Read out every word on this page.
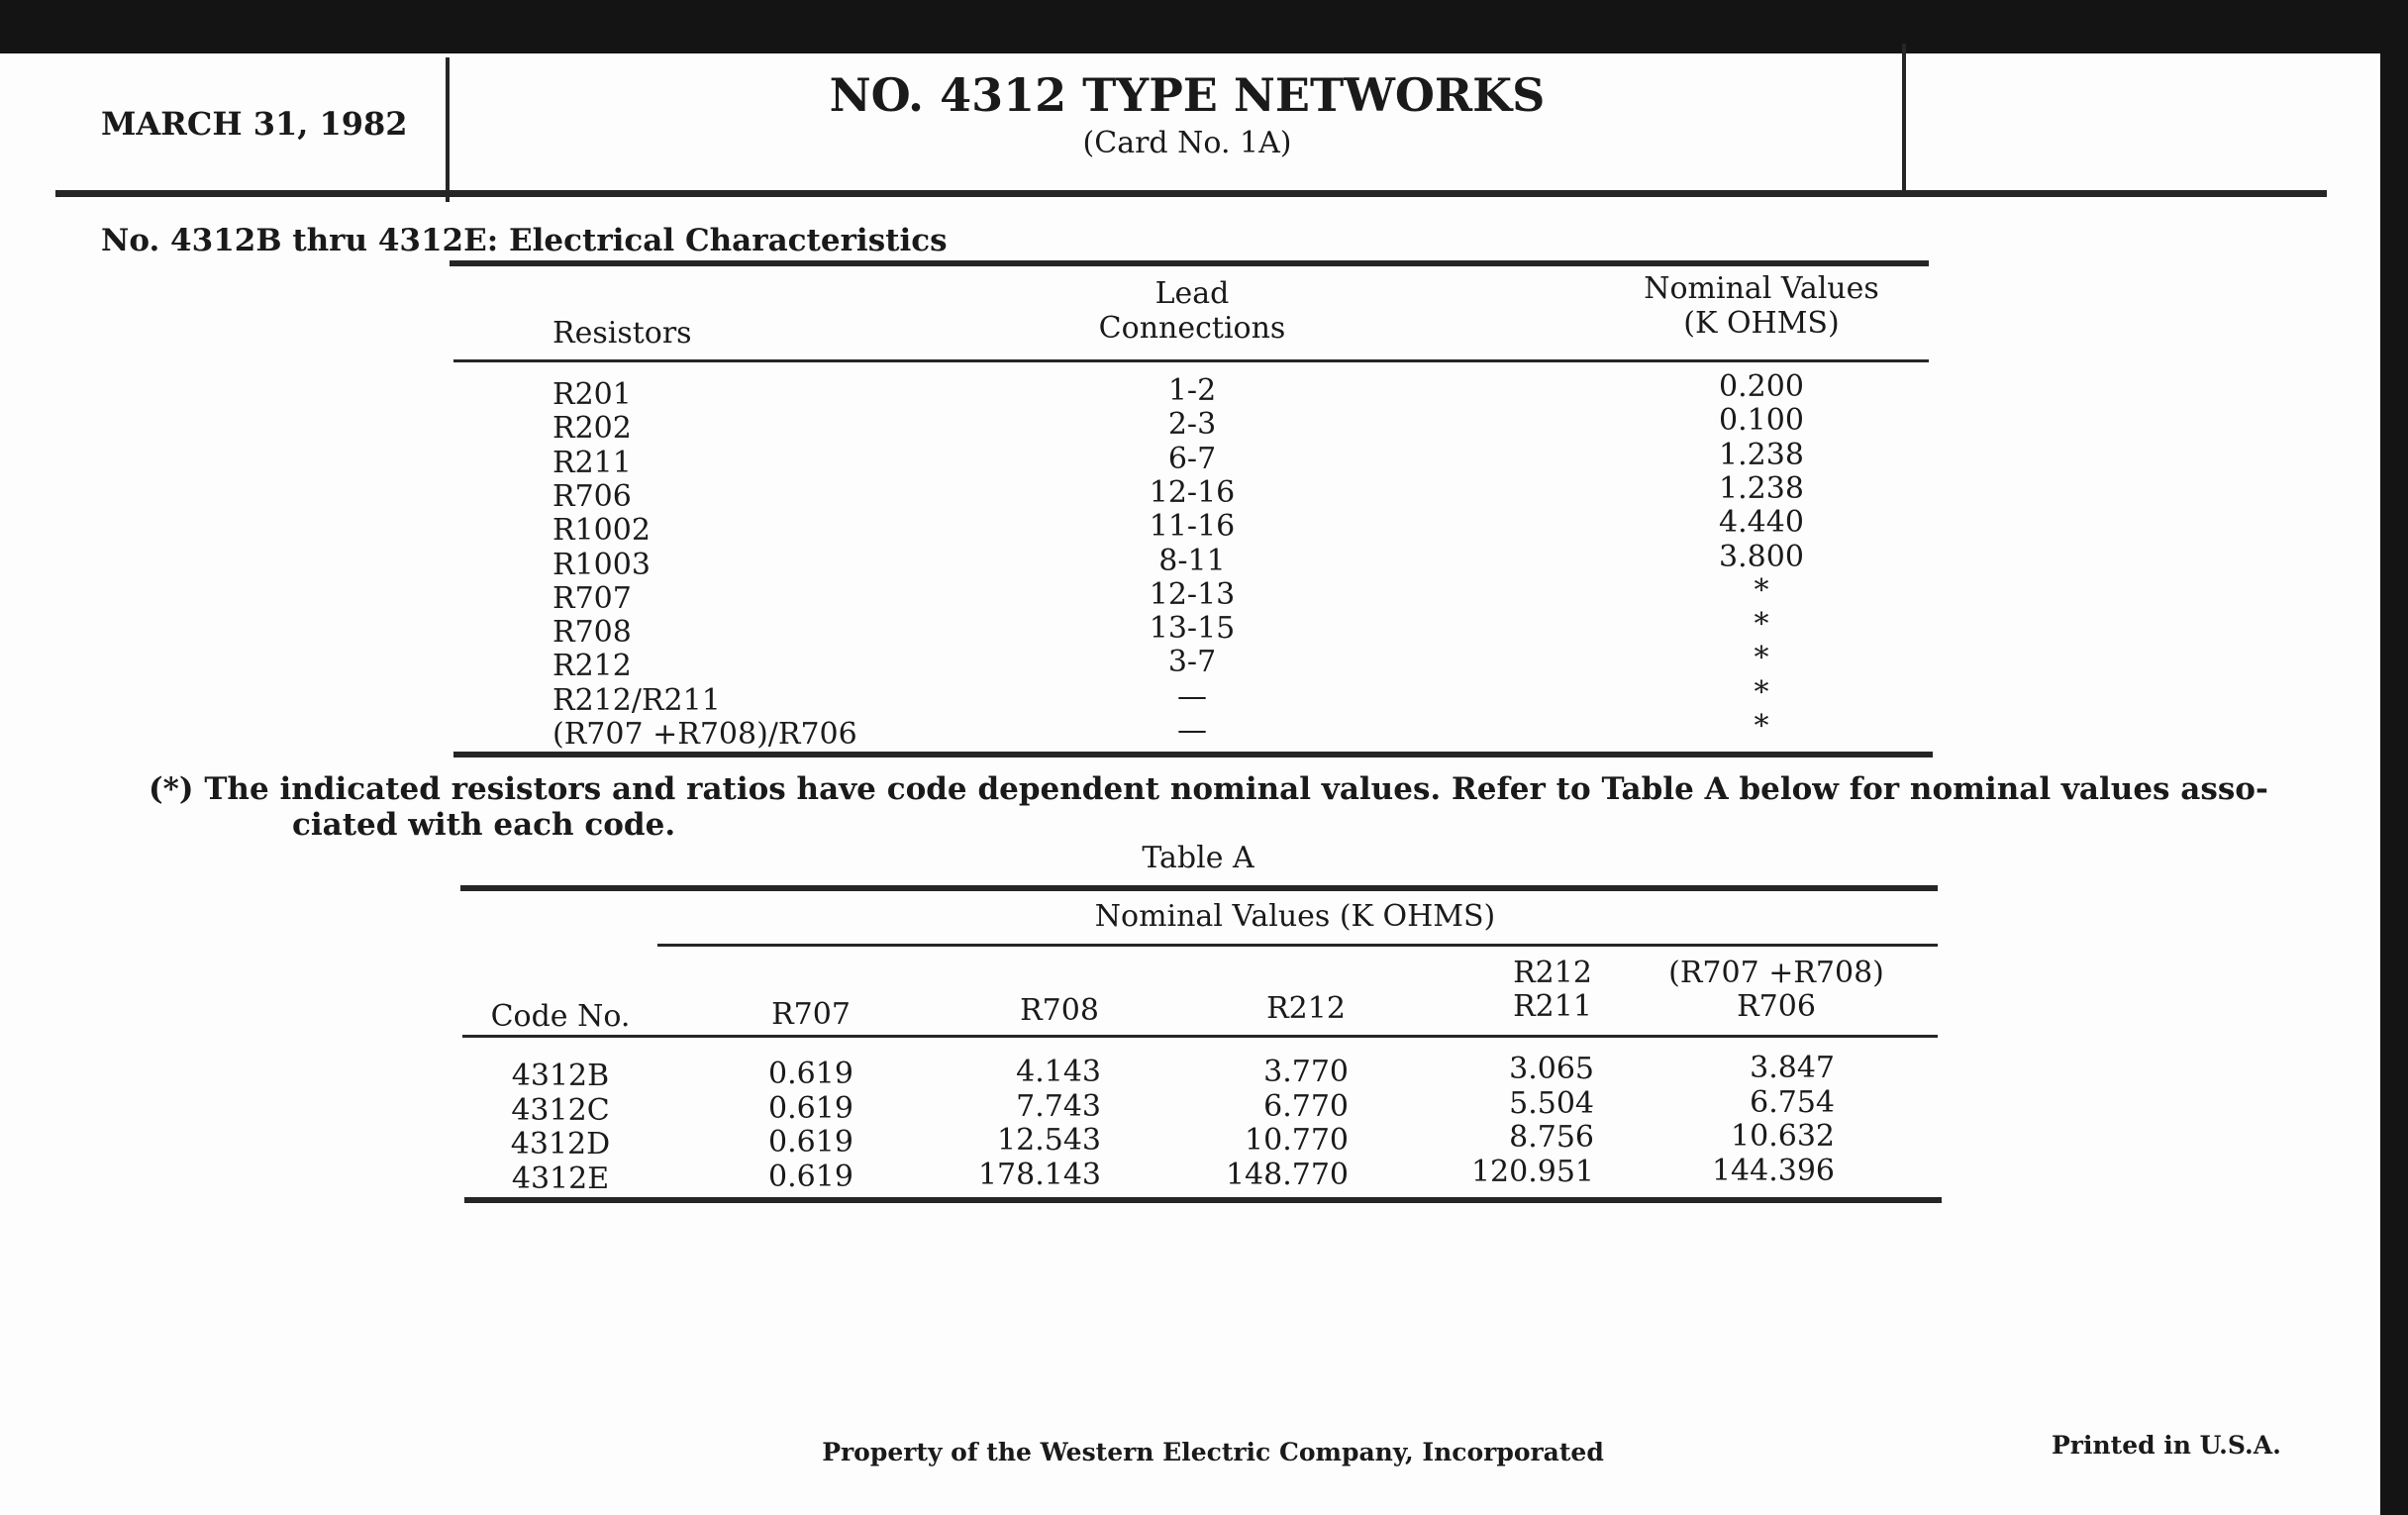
MARCH 31, 1982
NO. 4312 TYPE NETWORKS
(Card No. 1A)
No. 4312B thru 4312E: Electrical Characteristics
Resistors
Lead
Connections
Nominal Values
(K OHMS)
R201	1-2	0.200
R202	2-3	0.100
R211	6-7	1.238
R706	12-16	1.238
R1002	11-16	4.440
R1003	8-11	3.800
R707	12-13	*
R708	13-15	*
R212	3-7	*
R212/R211	—	*
(R707 +R708)/R706	—	*
(*) The indicated resistors and ratios have code dependent nominal values. Refer to Table A below for nominal values asso-
ciated with each code.
Table A
Nominal Values (K OHMS)
Code No.	R707	R708	R212
R212
R211
(R707 +R708)
R706
4312B	0.619	4.143	3.770	3.065	3.847
4312C	0.619	7.743	6.770	5.504	6.754
4312D	0.619	12.543	10.770	8.756	10.632
4312E	0.619	178.143	148.770	120.951	144.396
Property of the Western Electric Company, Incorporated	Printed in U.S.A.
